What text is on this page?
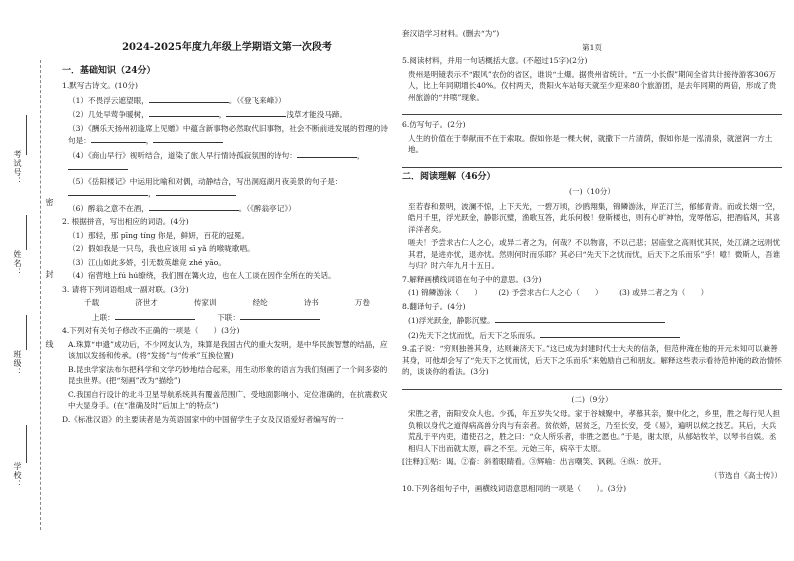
考试号：
姓名：
班级：
学校：
密
封
线
2024-2025年度九年级上学期语文第一次段考
一．基础知识（24分）
1.默写古诗文。(10分)
（1）不畏浮云遮望眼，	。（《登飞来峰》）
（2）几处早莺争暖树，	，	浅草才能没马蹄。
（3）《酬乐天扬州初逢席上见赠》中蕴含新事物必然取代旧事物，社会不断前进发展的哲理的诗句是：	，
（4）《商山早行》视听结合，道染了旅人早行情诗孤寂氛围的诗句：	，
（5）《岳阳楼记》中运用比喻和对偶，动静结合，写出洞庭湖月夜美景的句子是：，
（6）醉翁之意不在酒，	。（《醉翁亭记》）
2. 根据拼音，写出相应的词语。(4分)
（1）那轻，那 pīng tíng 你是，鲜妍，百花的冠冕。
（2）假如我是一只鸟，我也应该用 sī yǎ 的喉咙歌唱。
（3）江山如此多娇，引无数英雄竞 zhé yāo。
（4）宿营地上fú hú缭绕，我们围在篝火边，也在人工谈在因作全所在的关话。
3. 请将下列词语组成一副对联。(3分)
千载	济世才	传家训	经纶	诗书	万卷
上联：	下联：
4.下列对有关句子修改不正确的一项是（　　）(3分)
A.珠算“申遗”成功后，不少网友认为，珠算是我国古代的重大发明，是中华民族智慧的结晶，应该加以发扬和传承。(将“发扬”与“传承”互换位置)
B.昆虫学家法布尔把科学和文学巧妙地结合起来，用生动形象的语言为我们刻画了一个间多姿的昆虫世界。(把“刻画”改为“描绘”)
C.我国自行设计的北斗卫星导航系统具有覆盖范围广、受地面影响小、定位准确的，在抗震救灾中大显身手。(在“准确及时”后加上“的特点”)
D.《标准汉语》的主要读者是为英语国家中的中国留学生子女及汉语爱好者编写的一
套汉语学习材料。(删去“为”)
第1页
5.阅读材料，并用一句话概括大意。(不超过15字)(2分)
贵州是明镜表示不“跟风”农份的省区，谁说“土爆。据贵州省统计。“五一小长假”期间全省共计接待游客306万人，比上年同期增长40%。仅村两天，贵阳火车站每天就至少迎来80个旅游团，是去年同期的两倍，形成了贵州旅游的“井喷”现象。
6.仿写句子。(2分)
人生的价值在于奉献而不在于索取。假如你是一棵大树，就撒下一片清荫，假如你是一泓清泉，就滋润一方土地。
二．阅读理解（46分）
(一)（10分）
至若春和景明，波澜不惊，上下天光，一碧万顷，沙鸥翔集，锦鳞游泳，岸芷汀兰，郁郁青青。而或长烟一空，皓月千里，浮光跃金，静影沉璧，渔歌互答，此乐何极！登斯楼也，则有心旷神怡，宠辱偕忘，把酒临风，其喜洋洋者矣。
嗟夫！予尝求古仁人之心，或异二者之为，何哉？不以物喜，不以己悲；居庙堂之高则忧其民，处江湖之远则忧其君，是进亦忧，退亦忧。然则何时而乐耶？其必曰“先天下之忧而忧，后天下之乐而乐”乎！噫！微斯人，吾谁与归？时六年九月十五日。
7.解释画横线词语在句子中的意思。(3分)
(1) 锦鳞游泳（　　） (2) 予尝求古仁人之心（　　） (3) 或异二者之为（　　）
8.翻译句子。(4分)
(1)浮光跃金，静影沉璧。
(2)先天下之忧而忧，后天下之乐而乐。
9.孟子说：“穷则独善其身，达则兼济天下。”这已成为封建时代士大夫的信条，但范仲淹在他的开元未知可以兼善其身，可他却会写了“先天下之忧而忧，后天下之乐而乐”来勉励自己和朋友。解释这些表示看待范仲淹的政治情怀的，谈谈你的看法。(3分)
(二)（9分）
宋胜之者，南阳安众人也。少孤，年五岁失父母。家于谷城聚中，孝慕其亲，聚中化之，乡里，胜之每行见人担负粮以身代之道得病高兽分肉与有亲者。贫依娇，居贫乏，乃至长安，受《易》，遍明以候之技艺。其后，大兵荒乱于平内吏，遣使召之，胜之曰：“众人所乐者，非胜之愿也。”于是，谢太原，从郁姑牧羊，以琴书自娱。丞相归人下出而就太原，辟之不至。元始三年，病卒于太原。
[注释]①贴：谒。②畜：斜着眼睛看。③辉喻：出言嘲笑、讽刺。④纵：放开。
（节选自《高士传》）
10.下列各组句子中，画横线词语意思相同的一项是（　　）。(3分)
